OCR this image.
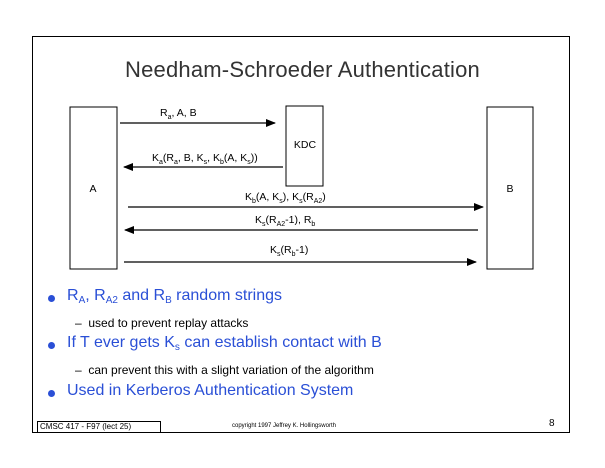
Needham-Schroeder Authentication
A
KDC
B
$R_a$, A, B
$K_a(R_a$, B, $K_s$, $K_b(A$, $K_s$))
$K_b(A$, $K_s$), $K_s(R_{A2})$
$K_s(R_{A2}-1)$, $R_b$
$K_s(R_b-1)$
$R_A$, $R_{A2}$ and $R_B$ random strings
–  used to prevent replay attacks
If T ever gets $K_s$ can establish contact with B
–  can prevent this with a slight variation of the algorithm
Used in Kerberos Authentication System
CMSC 417 - F97 (lect 25)	copyright 1997 Jeffrey K. Hollingsworth	8
